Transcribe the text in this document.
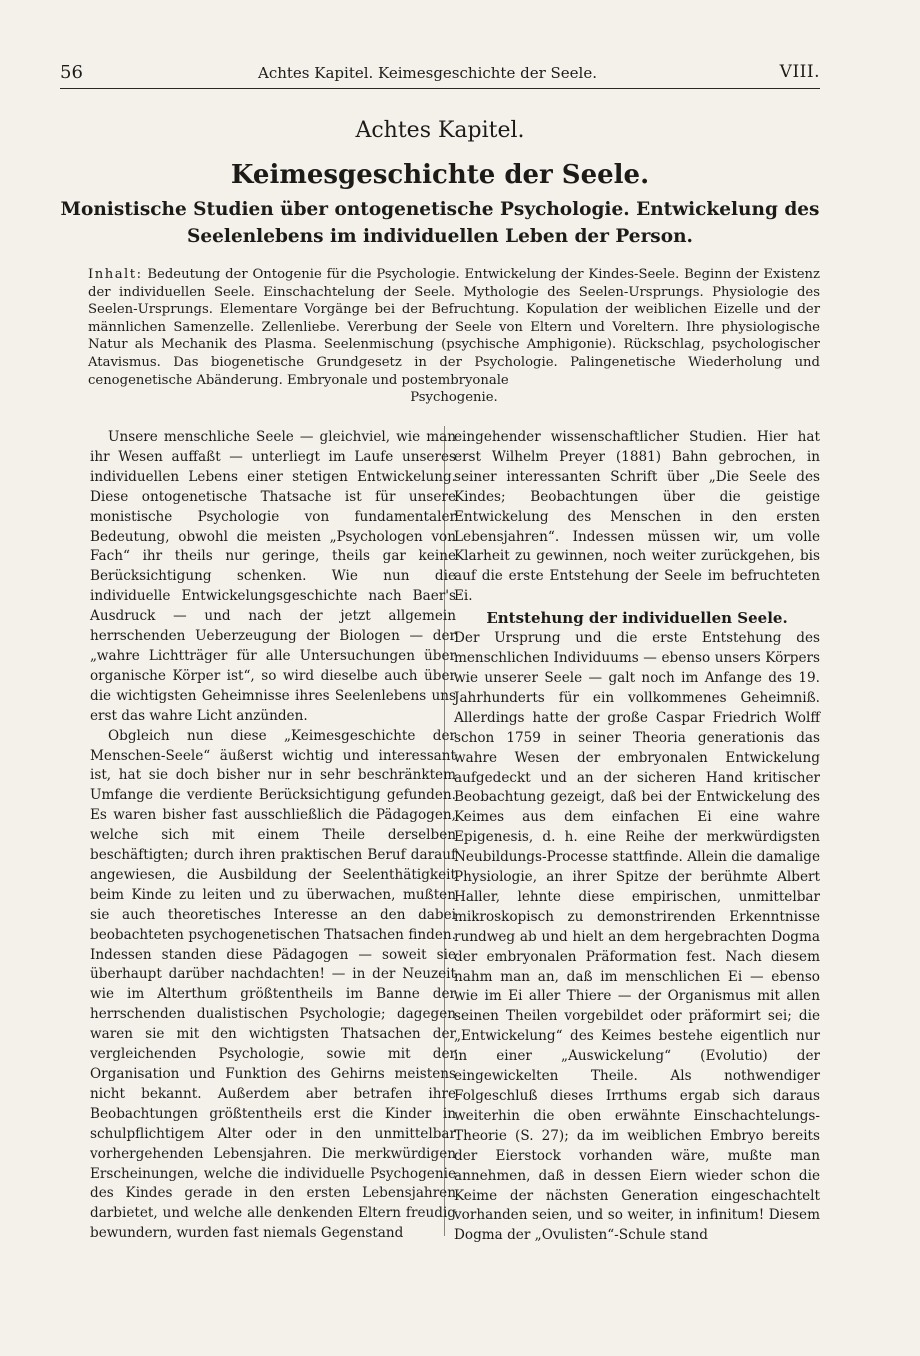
56	Achtes Kapitel. Keimesgeschichte der Seele.	VIII.
Achtes Kapitel.
Keimesgeschichte der Seele.
Monistische Studien über ontogenetische Psychologie. Entwickelung des Seelenlebens im individuellen Leben der Person.
Inhalt: Bedeutung der Ontogenie für die Psychologie. Entwickelung der Kindes-Seele. Beginn der Existenz der individuellen Seele. Einschachtelung der Seele. Mythologie des Seelen-Ursprungs. Physiologie des Seelen-Ursprungs. Elementare Vorgänge bei der Befruchtung. Kopulation der weiblichen Eizelle und der männlichen Samenzelle. Zellenliebe. Vererbung der Seele von Eltern und Voreltern. Ihre physiologische Natur als Mechanik des Plasma. Seelenmischung (psychische Amphigonie). Rückschlag, psychologischer Atavismus. Das biogenetische Grundgesetz in der Psychologie. Palingenetische Wiederholung und cenogenetische Abänderung. Embryonale und postembryonale
Psychogenie.

Unsere menschliche Seele — gleichviel, wie man ihr Wesen auffaßt — unterliegt im Laufe unseres individuellen Lebens einer stetigen Entwickelung. Diese ontogenetische Thatsache ist für unsere monistische Psychologie von fundamentaler Bedeutung, obwohl die meisten „Psychologen von Fach“ ihr theils nur geringe, theils gar keine Berücksichtigung schenken. Wie nun die individuelle Entwickelungsgeschichte nach Baer's Ausdruck — und nach der jetzt allgemein herrschenden Ueberzeugung der Biologen — der „wahre Lichtträger für alle Untersuchungen über organische Körper ist“, so wird dieselbe auch über die wichtigsten Geheimnisse ihres Seelenlebens uns erst das wahre Licht anzünden.

Obgleich nun diese „Keimesgeschichte der Menschen-Seele“ äußerst wichtig und interessant ist, hat sie doch bisher nur in sehr beschränktem Umfange die verdiente Berücksichtigung gefunden. Es waren bisher fast ausschließlich die Pädagogen, welche sich mit einem Theile derselben beschäftigten; durch ihren praktischen Beruf darauf angewiesen, die Ausbildung der Seelenthätigkeit beim Kinde zu leiten und zu überwachen, mußten sie auch theoretisches Interesse an den dabei beobachteten psychogenetischen Thatsachen finden. Indessen standen diese Pädagogen — soweit sie überhaupt darüber nachdachten! — in der Neuzeit wie im Alterthum größtentheils im Banne der herrschenden dualistischen Psychologie; dagegen waren sie mit den wichtigsten Thatsachen der vergleichenden Psychologie, sowie mit der Organisation und Funktion des Gehirns meistens nicht bekannt. Außerdem aber betrafen ihre Beobachtungen größtentheils erst die Kinder in schulpflichtigem Alter oder in den unmittelbar vorhergehenden Lebensjahren. Die merkwürdigen Erscheinungen, welche die individuelle Psychogenie des Kindes gerade in den ersten Lebensjahren darbietet, und welche alle denkenden Eltern freudig bewundern, wurden fast niemals Gegenstand

eingehender wissenschaftlicher Studien. Hier hat erst Wilhelm Preyer (1881) Bahn gebrochen, in seiner interessanten Schrift über „Die Seele des Kindes; Beobachtungen über die geistige Entwickelung des Menschen in den ersten Lebensjahren“. Indessen müssen wir, um volle Klarheit zu gewinnen, noch weiter zurückgehen, bis auf die erste Entstehung der Seele im befruchteten Ei.

Entstehung der individuellen Seele.

Der Ursprung und die erste Entstehung des menschlichen Individuums — ebenso unsers Körpers wie unserer Seele — galt noch im Anfange des 19. Jahrhunderts für ein vollkommenes Geheimniß. Allerdings hatte der große Caspar Friedrich Wolff schon 1759 in seiner Theoria generationis das wahre Wesen der embryonalen Entwickelung aufgedeckt und an der sicheren Hand kritischer Beobachtung gezeigt, daß bei der Entwickelung des Keimes aus dem einfachen Ei eine wahre Epigenesis, d. h. eine Reihe der merkwürdigsten Neubildungs-Processe stattfinde. Allein die damalige Physiologie, an ihrer Spitze der berühmte Albert Haller, lehnte diese empirischen, unmittelbar mikroskopisch zu demonstrirenden Erkenntnisse rundweg ab und hielt an dem hergebrachten Dogma der embryonalen Präformation fest. Nach diesem nahm man an, daß im menschlichen Ei — ebenso wie im Ei aller Thiere — der Organismus mit allen seinen Theilen vorgebildet oder präformirt sei; die „Entwickelung“ des Keimes bestehe eigentlich nur in einer „Auswickelung“ (Evolutio) der eingewickelten Theile. Als nothwendiger Folgeschluß dieses Irrthums ergab sich daraus weiterhin die oben erwähnte Einschachtelungs-Theorie (S. 27); da im weiblichen Embryo bereits der Eierstock vorhanden wäre, mußte man annehmen, daß in dessen Eiern wieder schon die Keime der nächsten Generation eingeschachtelt vorhanden seien, und so weiter, in infinitum! Diesem Dogma der „Ovulisten“-Schule stand
